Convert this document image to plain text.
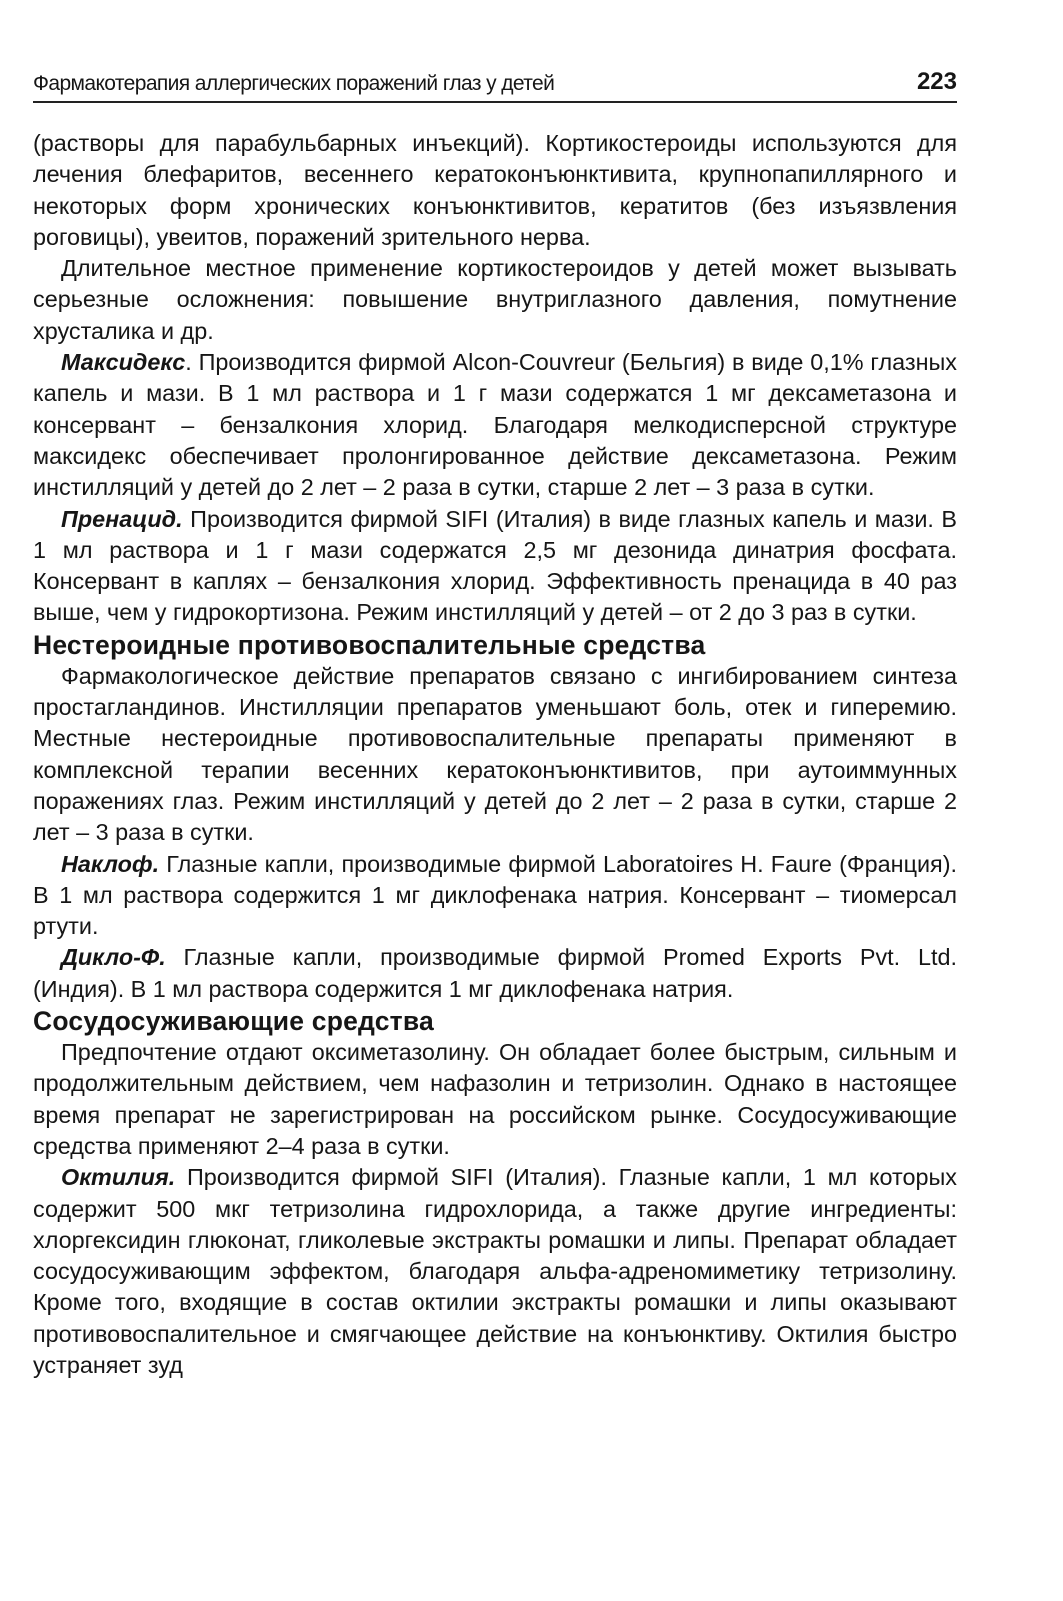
Фармакотерапия аллергических поражений глаз у детей	223

(растворы для парабульбарных инъекций). Кортикостероиды используются для лечения блефаритов, весеннего кератоконъюнктивита, крупнопапиллярного и некоторых форм хронических конъюнктивитов, кератитов (без изъязвления роговицы), увеитов, поражений зрительного нерва.

Длительное местное применение кортикостероидов у детей может вызывать серьезные осложнения: повышение внутриглазного давления, помутнение хрусталика и др.

Максидекс. Производится фирмой Alcon-Couvreur (Бельгия) в виде 0,1% глазных капель и мази. В 1 мл раствора и 1 г мази содержатся 1 мг дексаметазона и консервант – бензалкония хлорид. Благодаря мелкодисперсной структуре максидекс обеспечивает пролонгированное действие дексаметазона. Режим инстилляций у детей до 2 лет – 2 раза в сутки, старше 2 лет – 3 раза в сутки.

Пренацид. Производится фирмой SIFI (Италия) в виде глазных капель и мази. В 1 мл раствора и 1 г мази содержатся 2,5 мг дезонида динатрия фосфата. Консервант в каплях – бензалкония хлорид. Эффективность пренацида в 40 раз выше, чем у гидрокортизона. Режим инстилляций у детей – от 2 до 3 раз в сутки.

Нестероидные противовоспалительные средства

Фармакологическое действие препаратов связано с ингибированием синтеза простагландинов. Инстилляции препаратов уменьшают боль, отек и гиперемию. Местные нестероидные противовоспалительные препараты применяют в комплексной терапии весенних кератоконъюнктивитов, при аутоиммунных поражениях глаз. Режим инстилляций у детей до 2 лет – 2 раза в сутки, старше 2 лет – 3 раза в сутки.

Наклоф. Глазные капли, производимые фирмой Laboratoires H. Faure (Франция). В 1 мл раствора содержится 1 мг диклофенака натрия. Консервант – тиомерсал ртути.

Дикло-Ф. Глазные капли, производимые фирмой Promed Exports Pvt. Ltd. (Индия). В 1 мл раствора содержится 1 мг диклофенака натрия.

Сосудосуживающие средства

Предпочтение отдают оксиметазолину. Он обладает более быстрым, сильным и продолжительным действием, чем нафазолин и тетризолин. Однако в настоящее время препарат не зарегистрирован на российском рынке. Сосудосуживающие средства применяют 2–4 раза в сутки.

Октилия. Производится фирмой SIFI (Италия). Глазные капли, 1 мл которых содержит 500 мкг тетризолина гидрохлорида, а также другие ингредиенты: хлоргексидин глюконат, гликолевые экстракты ромашки и липы. Препарат обладает сосудосуживающим эффектом, благодаря альфа-адреномиметику тетризолину. Кроме того, входящие в состав октилии экстракты ромашки и липы оказывают противовоспалительное и смягчающее действие на конъюнктиву. Октилия быстро устраняет зуд
